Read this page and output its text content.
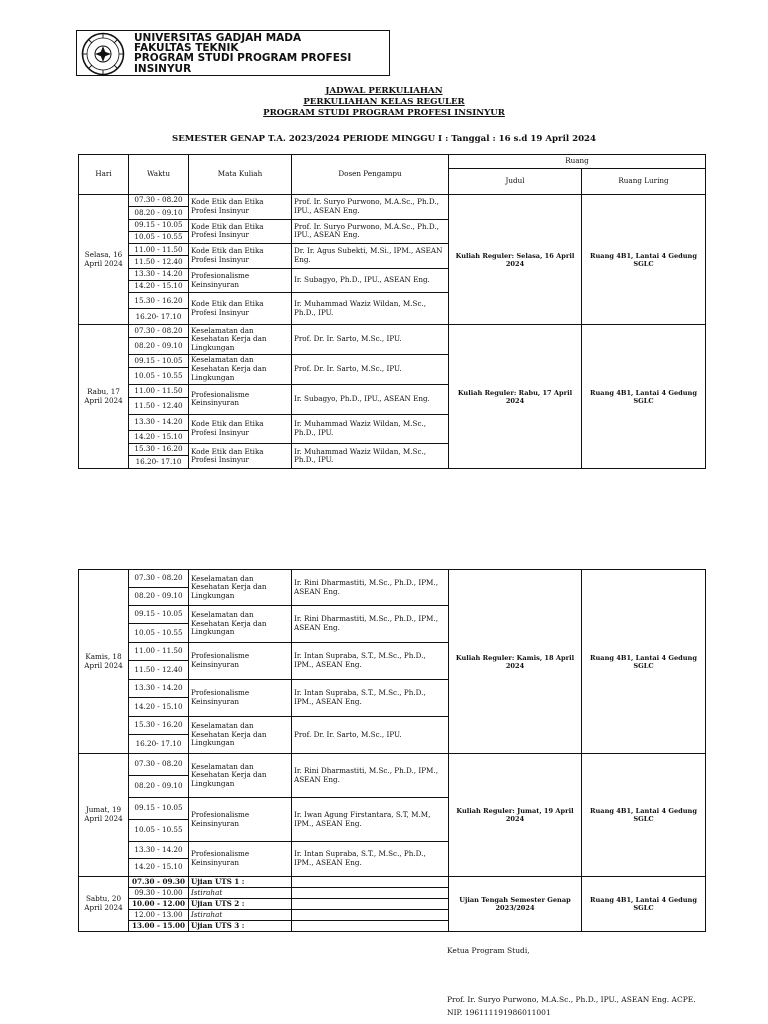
UNIVERSITAS GADJAH MADA
FAKULTAS TEKNIK
PROGRAM STUDI PROGRAM PROFESI
INSINYUR
JADWAL PERKULIAHAN
PERKULIAHAN KELAS REGULER
PROGRAM STUDI PROGRAM PROFESI INSINYUR
SEMESTER GENAP T.A. 2023/2024 PERIODE MINGGU I : Tanggal : 16 s.d 19 April 2024
Hari	Waktu	Mata Kuliah	Dosen Pengampu	Ruang	
				Judul	Ruang Luring
Selasa, 16 April 2024	07.30 - 08.20	Kode Etik dan Etika Profesi Insinyur	Prof. Ir. Suryo Purwono, M.A.Sc., Ph.D., IPU., ASEAN Eng.	Kuliah Reguler: Selasa, 16 April 2024	Ruang 4B1, Lantai 4 Gedung SGLC
	08.20 - 09.10				
	09.15 - 10.05	Kode Etik dan Etika Profesi Insinyur	Prof. Ir. Suryo Purwono, M.A.Sc., Ph.D., IPU., ASEAN Eng.		
	10.05 - 10.55				
	11.00 - 11.50	Kode Etik dan Etika Profesi Insinyur	Dr. Ir. Agus Subekti, M.Si., IPM., ASEAN Eng.		
	11.50 - 12.40				
	13.30 - 14.20	Profesionalisme Keinsinyuran	Ir. Subagyo, Ph.D., IPU., ASEAN Eng.		
	14.20 - 15.10				
	15.30 - 16.20	Kode Etik dan Etika Profesi Insinyur	Ir. Muhammad Waziz Wildan, M.Sc., Ph.D., IPU.		
	16.20- 17.10				
Rabu, 17 April 2024	07.30 - 08.20	Keselamatan dan Kesehatan Kerja dan Lingkungan	Prof. Dr. Ir. Sarto, M.Sc., IPU.	Kuliah Reguler: Rabu, 17 April 2024	Ruang 4B1, Lantai 4 Gedung SGLC
	08.20 - 09.10				
	09.15 - 10.05	Keselamatan dan Kesehatan Kerja dan Lingkungan	Prof. Dr. Ir. Sarto, M.Sc., IPU.		
	10.05 - 10.55				
	11.00 - 11.50	Profesionalisme Keinsinyuran	Ir. Subagyo, Ph.D., IPU., ASEAN Eng.		
	11.50 - 12.40				
	13.30 - 14.20	Kode Etik dan Etika Profesi Insinyur	Ir. Muhammad Waziz Wildan, M.Sc., Ph.D., IPU.		
	14.20 - 15.10				
	15.30 - 16.20	Kode Etik dan Etika Profesi Insinyur	Ir. Muhammad Waziz Wildan, M.Sc., Ph.D., IPU.		
	16.20- 17.10				
Kamis, 18 April 2024	07.30 - 08.20	Keselamatan dan Kesehatan Kerja dan Lingkungan	Ir. Rini Dharmastiti, M.Sc., Ph.D., IPM., ASEAN Eng.	Kuliah Reguler: Kamis, 18 April 2024	Ruang 4B1, Lantai 4 Gedung SGLC
	08.20 - 09.10				
	09.15 - 10.05	Keselamatan dan Kesehatan Kerja dan Lingkungan	Ir. Rini Dharmastiti, M.Sc., Ph.D., IPM., ASEAN Eng.		
	10.05 - 10.55				
	11.00 - 11.50	Profesionalisme Keinsinyuran	Ir. Intan Supraba, S.T., M.Sc., Ph.D., IPM., ASEAN Eng.		
	11.50 - 12.40				
	13.30 - 14.20	Profesionalisme Keinsinyuran	Ir. Intan Supraba, S.T., M.Sc., Ph.D., IPM., ASEAN Eng.		
	14.20 - 15.10				
	15.30 - 16.20	Keselamatan dan Kesehatan Kerja dan Lingkungan	Prof. Dr. Ir. Sarto, M.Sc., IPU.		
	16.20- 17.10				
Jumat, 19 April 2024	07.30 - 08.20	Keselamatan dan Kesehatan Kerja dan Lingkungan	Ir. Rini Dharmastiti, M.Sc., Ph.D., IPM., ASEAN Eng.	Kuliah Reguler: Jumat, 19 April 2024	Ruang 4B1, Lantai 4 Gedung SGLC
	08.20 - 09.10				
	09.15 - 10.05	Profesionalisme Keinsinyuran	Ir. Iwan Agung Firstantara, S.T, M.M, IPM., ASEAN Eng.		
	10.05 - 10.55				
	13.30 - 14.20	Profesionalisme Keinsinyuran	Ir. Intan Supraba, S.T., M.Sc., Ph.D., IPM., ASEAN Eng.		
	14.20 - 15.10				
Sabtu, 20 April 2024	07.30 - 09.30	Ujian UTS 1 :		Ujian Tengah Semester Genap 2023/2024	Ruang 4B1, Lantai 4 Gedung SGLC
	09.30 - 10.00	Istirahat			
	10.00 - 12.00	Ujian UTS 2 :			
	12.00 - 13.00	Istirahat			
	13.00 - 15.00	Ujian UTS 3 :			
Ketua Program Studi,
Prof. Ir. Suryo Purwono, M.A.Sc., Ph.D., IPU., ASEAN Eng. ACPE.
NIP. 196111191986011001
